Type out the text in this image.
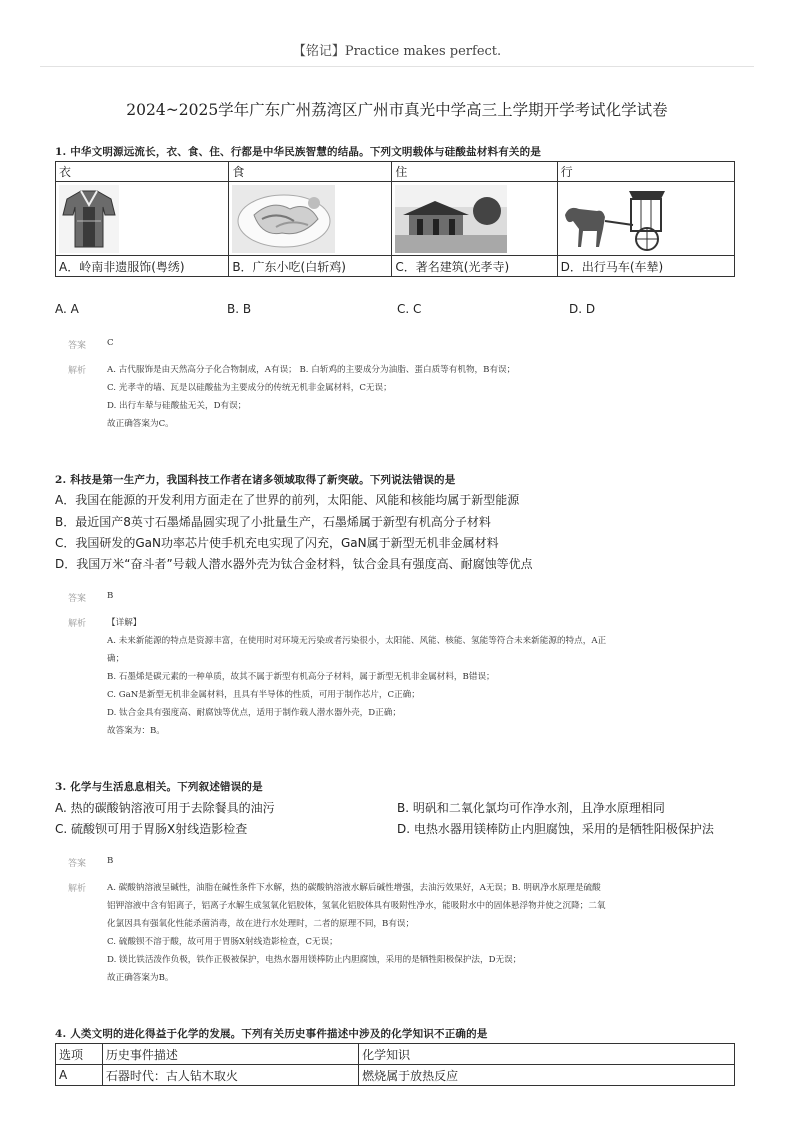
【铭记】Practice makes perfect.
2024~2025学年广东广州荔湾区广州市真光中学高三上学期开学考试化学试卷
1. 中华文明源远流长，衣、食、住、行都是中华民族智慧的结晶。下列文明载体与硅酸盐材料有关的是
衣	食	住	行

A．岭南非遗服饰(粤绣)	B．广东小吃(白斩鸡)	C．著名建筑(光孝寺)	D．出行马车(车辇)
A. A	B. B	C. C	D. D
答案 C
解析 A. 古代服饰是由天然高分子化合物制成，A有误； B. 白斩鸡的主要成分为油脂、蛋白质等有机物，B有误；
C. 光孝寺的墙、瓦是以硅酸盐为主要成分的传统无机非金属材料，C无误；
D. 出行车辇与硅酸盐无关，D有误；
故正确答案为C。
2. 科技是第一生产力，我国科技工作者在诸多领域取得了新突破。下列说法错误的是
A．我国在能源的开发利用方面走在了世界的前列，太阳能、风能和核能均属于新型能源
B．最近国产8英寸石墨烯晶圆实现了小批量生产，石墨烯属于新型有机高分子材料
C．我国研发的GaN功率芯片使手机充电实现了闪充，GaN属于新型无机非金属材料
D．我国万米“奋斗者”号载人潜水器外壳为钛合金材料，钛合金具有强度高、耐腐蚀等优点
答案 B
解析 【详解】
A. 未来新能源的特点是资源丰富，在使用时对环境无污染或者污染很小，太阳能、风能、核能、氢能等符合未来新能源的特点，A正
确；
B. 石墨烯是碳元素的一种单质，故其不属于新型有机高分子材料，属于新型无机非金属材料，B错误；
C. GaN是新型无机非金属材料，且具有半导体的性质，可用于制作芯片，C正确；
D. 钛合金具有强度高、耐腐蚀等优点，适用于制作载人潜水器外壳，D正确；
故答案为：B。
3. 化学与生活息息相关。下列叙述错误的是
A. 热的碳酸钠溶液可用于去除餐具的油污	B. 明矾和二氧化氯均可作净水剂，且净水原理相同
C. 硫酸钡可用于胃肠X射线造影检查	D. 电热水器用镁棒防止内胆腐蚀，采用的是牺牲阳极保护法
答案 B
解析 A. 碳酸钠溶液呈碱性，油脂在碱性条件下水解，热的碳酸钠溶液水解后碱性增强，去油污效果好，A无误；B. 明矾净水原理是硫酸
铝钾溶液中含有铝离子，铝离子水解生成氢氧化铝胶体，氢氧化铝胶体具有吸附性净水，能吸附水中的固体悬浮物并使之沉降；二氧
化氯因具有强氧化性能杀菌消毒，故在进行水处理时，二者的原理不同，B有误；
C. 硫酸钡不溶于酸，故可用于胃肠X射线造影检查，C无误；
D. 镁比铁活泼作负极，铁作正极被保护，电热水器用镁棒防止内胆腐蚀，采用的是牺牲阳极保护法，D无误；
故正确答案为B。
4. 人类文明的进化得益于化学的发展。下列有关历史事件描述中涉及的化学知识不正确的是
选项	历史事件描述	化学知识
A	石器时代：古人钻木取火	燃烧属于放热反应
